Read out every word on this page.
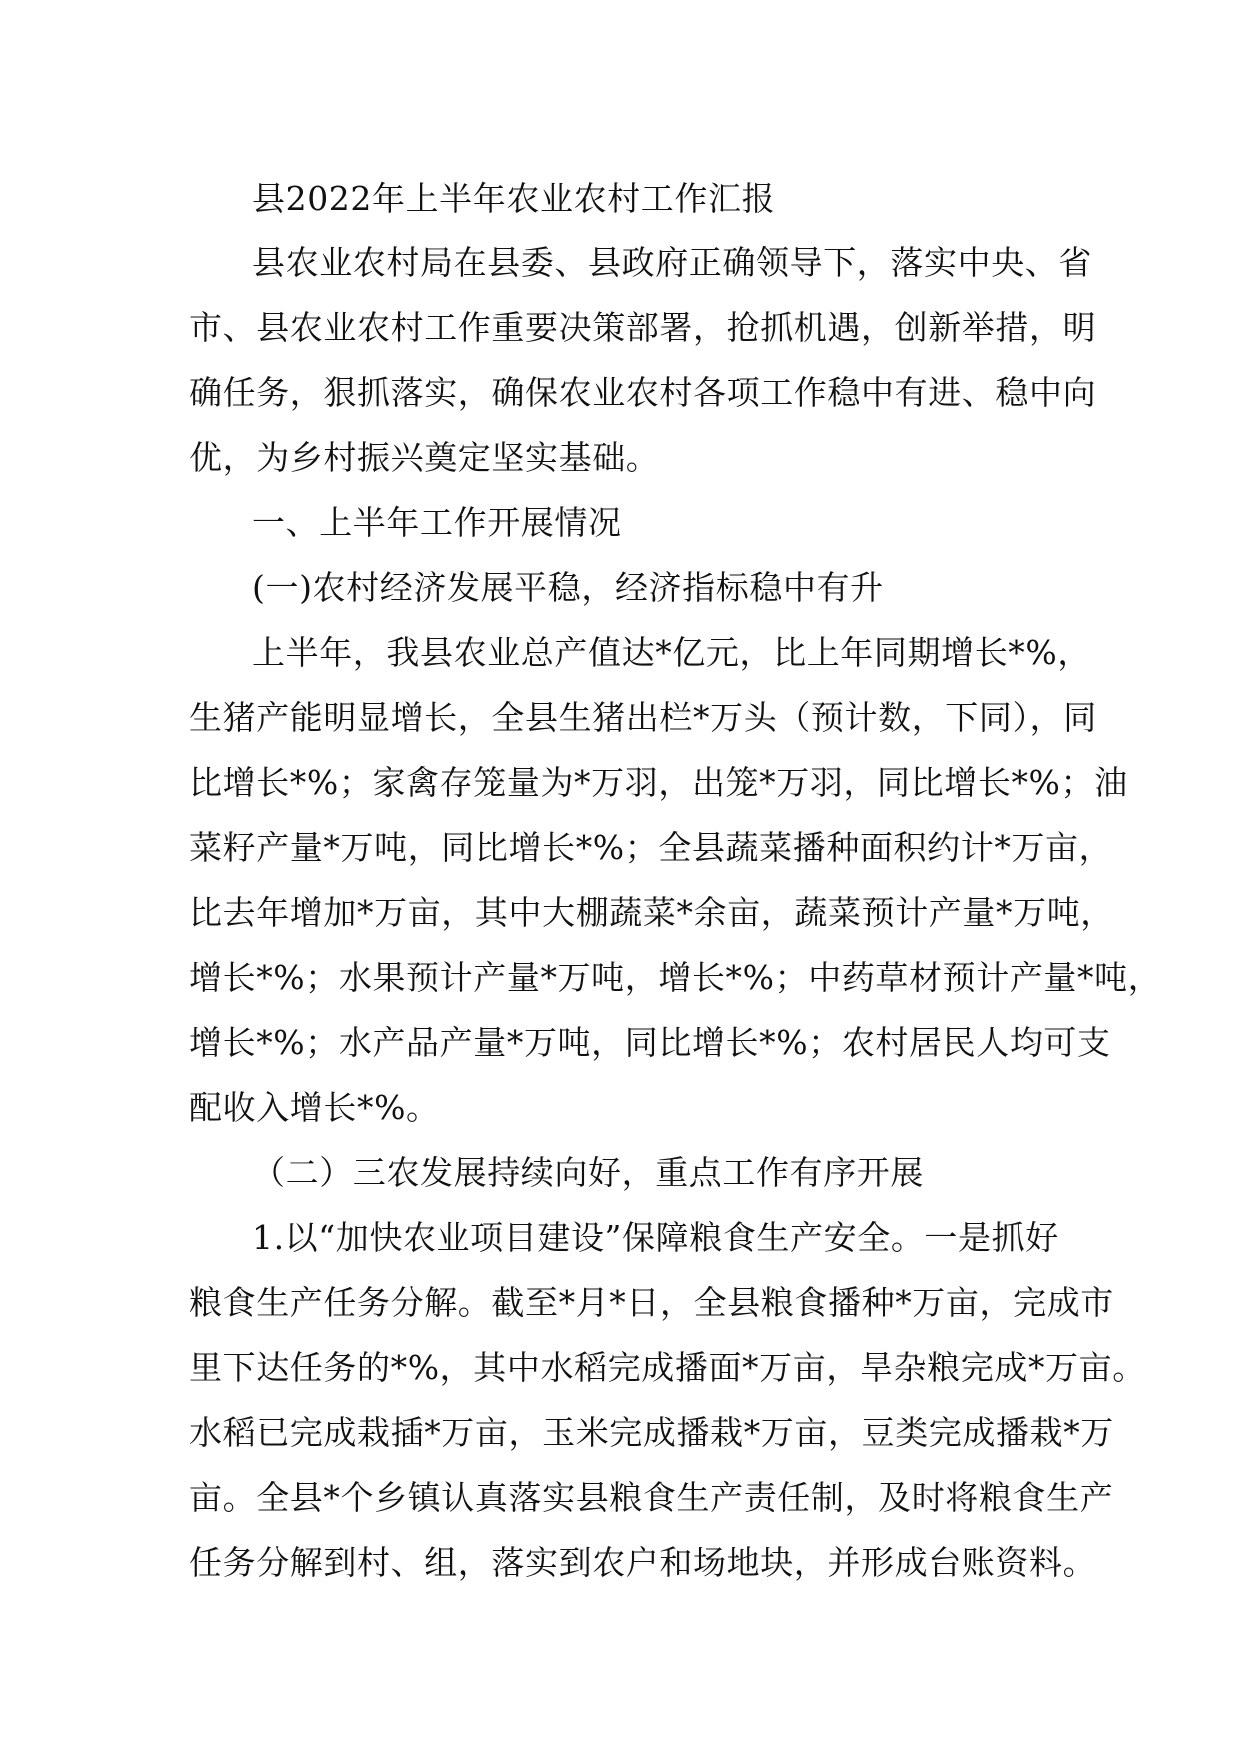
县2022年上半年农业农村工作汇报
县农业农村局在县委、县政府正确领导下，落实中央、省
市、县农业农村工作重要决策部署，抢抓机遇，创新举措，明
确任务，狠抓落实，确保农业农村各项工作稳中有进、稳中向
优，为乡村振兴奠定坚实基础。
一、上半年工作开展情况
(一)农村经济发展平稳，经济指标稳中有升
上半年，我县农业总产值达*亿元，比上年同期增长*%，
生猪产能明显增长，全县生猪出栏*万头（预计数，下同），同
比增长*%；家禽存笼量为*万羽，出笼*万羽，同比增长*%；油
菜籽产量*万吨，同比增长*%；全县蔬菜播种面积约计*万亩，
比去年增加*万亩，其中大棚蔬菜*余亩，蔬菜预计产量*万吨，
增长*%；水果预计产量*万吨，增长*%；中药草材预计产量*吨，
增长*%；水产品产量*万吨，同比增长*%；农村居民人均可支
配收入增长*%。
（二）三农发展持续向好，重点工作有序开展
1.以“加快农业项目建设”保障粮食生产安全。一是抓好
粮食生产任务分解。截至*月*日，全县粮食播种*万亩，完成市
里下达任务的*%，其中水稻完成播面*万亩，旱杂粮完成*万亩。
水稻已完成栽插*万亩，玉米完成播栽*万亩，豆类完成播栽*万
亩。全县*个乡镇认真落实县粮食生产责任制，及时将粮食生产
任务分解到村、组，落实到农户和场地块，并形成台账资料。
